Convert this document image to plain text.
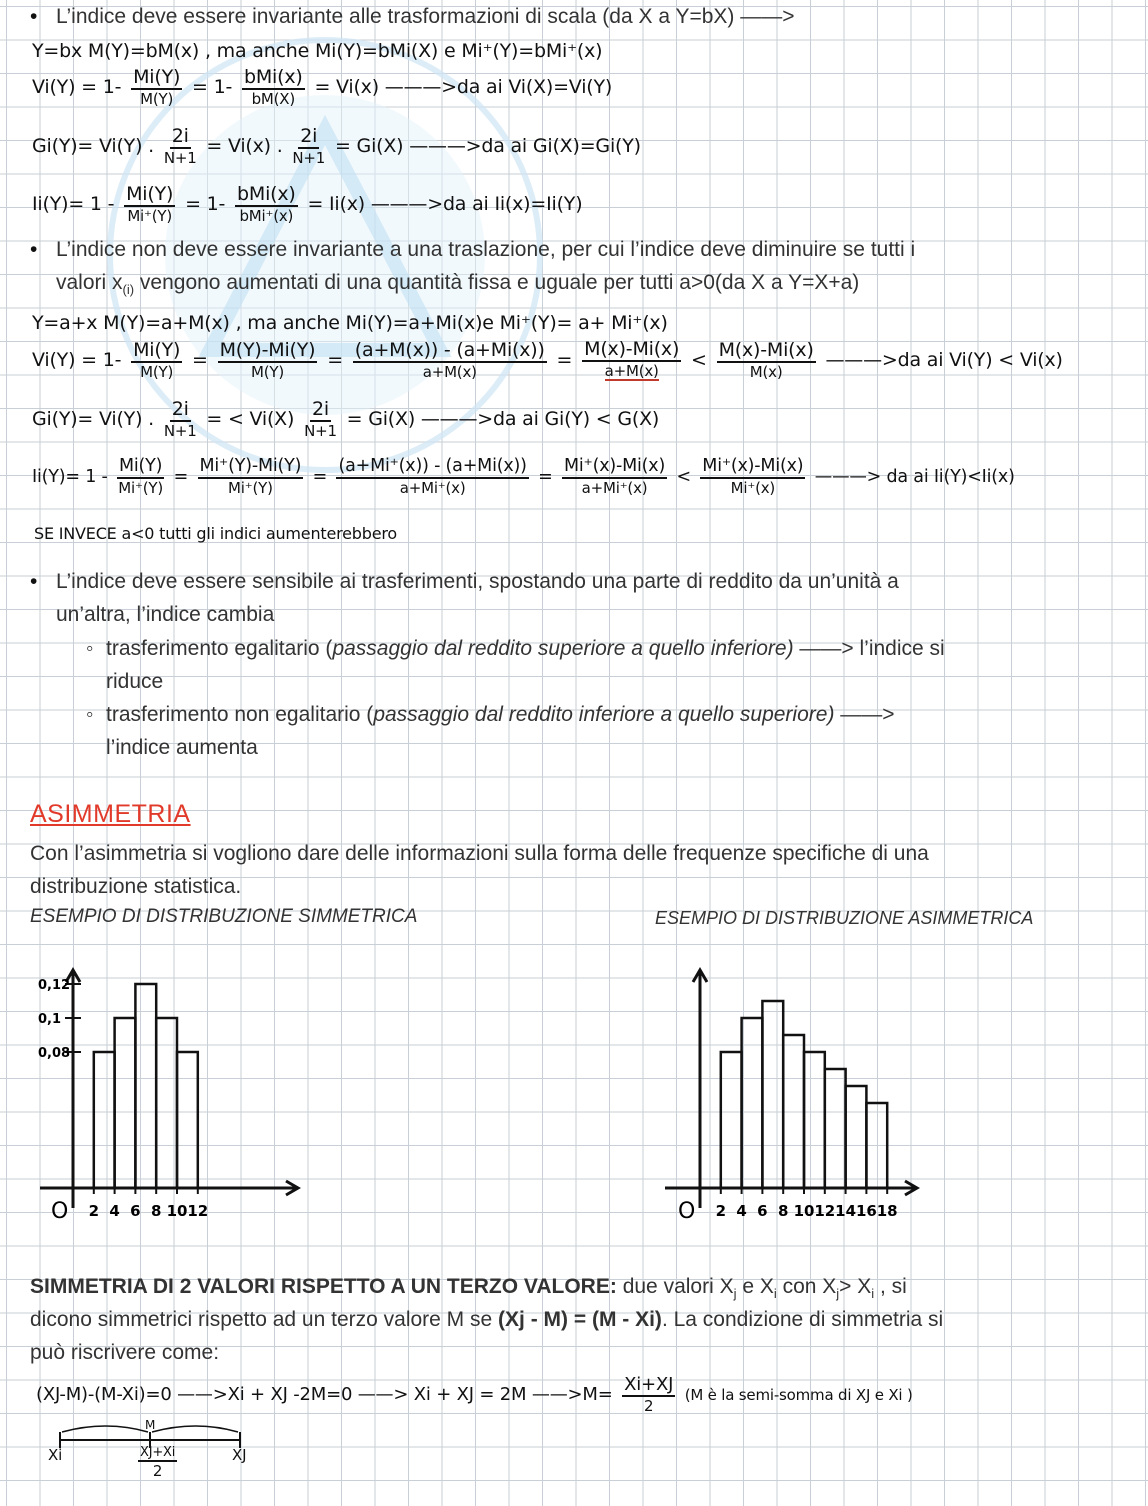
• L’indice deve essere invariante alle trasformazioni di scala (da X a Y=bX) ——>
Y=bx M(Y)=bM(x) , ma anche Mi(Y)=bMi(X) e Mi⁺(Y)=bMi⁺(x)
$Vi(Y) = 1- \frac{Mi(Y)}{M(Y)} = 1- \frac{\text{bMi(x)}}{bM(X)} = Vi(x)$ ———>da ai Vi(X)=Vi(Y)
Gi(Y)= Vi(Y) . $\frac{2i}{N+1} = Vi(x)$ . $\frac{2i}{N+1} = Gi(X)$ ———>da ai Gi(X)=Gi(Y)
$Ii(Y)= 1 - \frac{Mi(Y)}{Mi^+(Y)} = 1- \frac{\text{bMi(x)}}{\text{bMi⁺(x)}} = Ii(x)$ ———>da ai Ii(x)=Ii(Y)
• L’indice non deve essere invariante a una traslazione, per cui l’indice deve diminuire se tutti i
valori $x_{(i)}$ vengono aumentati di una quantità fissa e uguale per tutti a>0(da X a Y=X+a)
Y=a+x M(Y)=a+M(x) , ma anche Mi(Y)=a+Mi(x)e Mi⁺(Y)= a+ Mi⁺(x)
$Vi(Y) = 1- \frac{Mi(Y)}{M(Y)} = \frac{M(Y)-Mi(Y)}{M(Y)} = \frac{(a+M(x)) - (a+Mi(x))}{a+M(x)} = \frac{M(x)-Mi(x)}{a+M(x)} < \frac{M(x)-Mi(x)}{M(x)}$ ———>da ai Vi(Y) < Vi(x)
Gi(Y)= Vi(Y) . $\frac{2i}{N+1}$ = < $Vi(X) \frac{2i}{N+1} = Gi(X)$ ———>da ai Gi(Y) < G(X)
$Ii(Y)= 1 - \frac{Mi(Y)}{Mi^+(Y)} = \frac{Mi^+(Y)-Mi(Y)}{Mi^+(Y)} = \frac{(a+Mi^+(x)) - (a+Mi(x))}{a+Mi^+(x)} = \frac{Mi^+(x)-Mi(x)}{a+Mi^+(x)} < \frac{Mi^+(x)-Mi(x)}{Mi^+(x)}$ ———> da ai Ii(Y)<Ii(x)
SE INVECE a<0 tutti gli indici aumenterebbero
• L’indice deve essere sensibile ai trasferimenti, spostando una parte di reddito da un’unità a
un’altra, l’indice cambia
◦ trasferimento egalitario (passaggio dal reddito superiore a quello inferiore) ——> l’indice si
riduce
◦ trasferimento non egalitario (passaggio dal reddito inferiore a quello superiore) ——>
l’indice aumenta
ASIMMETRIA
Con l’asimmetria si vogliono dare delle informazioni sulla forma delle frequenze specifiche di una
distribuzione statistica.
ESEMPIO DI DISTRIBUZIONE SIMMETRICA	ESEMPIO DI DISTRIBUZIONE ASIMMETRICA
O 2 4 6 8 10 12
0,12
0,1
0,08
O 2 4 6 8 10 12 14 16 18
SIMMETRIA DI 2 VALORI RISPETTO A UN TERZO VALORE: due valori $X_j$ e $X_i$ con $X_j> X_i$ , si
dicono simmetrici rispetto ad un terzo valore M se (Xj - M) = (M - Xi). La condizione di simmetria si
può riscrivere come:
(XJ-M)-(M-Xi)=0 ——>Xi + XJ -2M=0 ——> Xi + XJ = 2M ——>M= $\frac{Xi+XJ}{2} (M$ è la semi-somma di XJ e Xi )
M
Xi	XJ
$\frac{XJ+Xi}{2}$
